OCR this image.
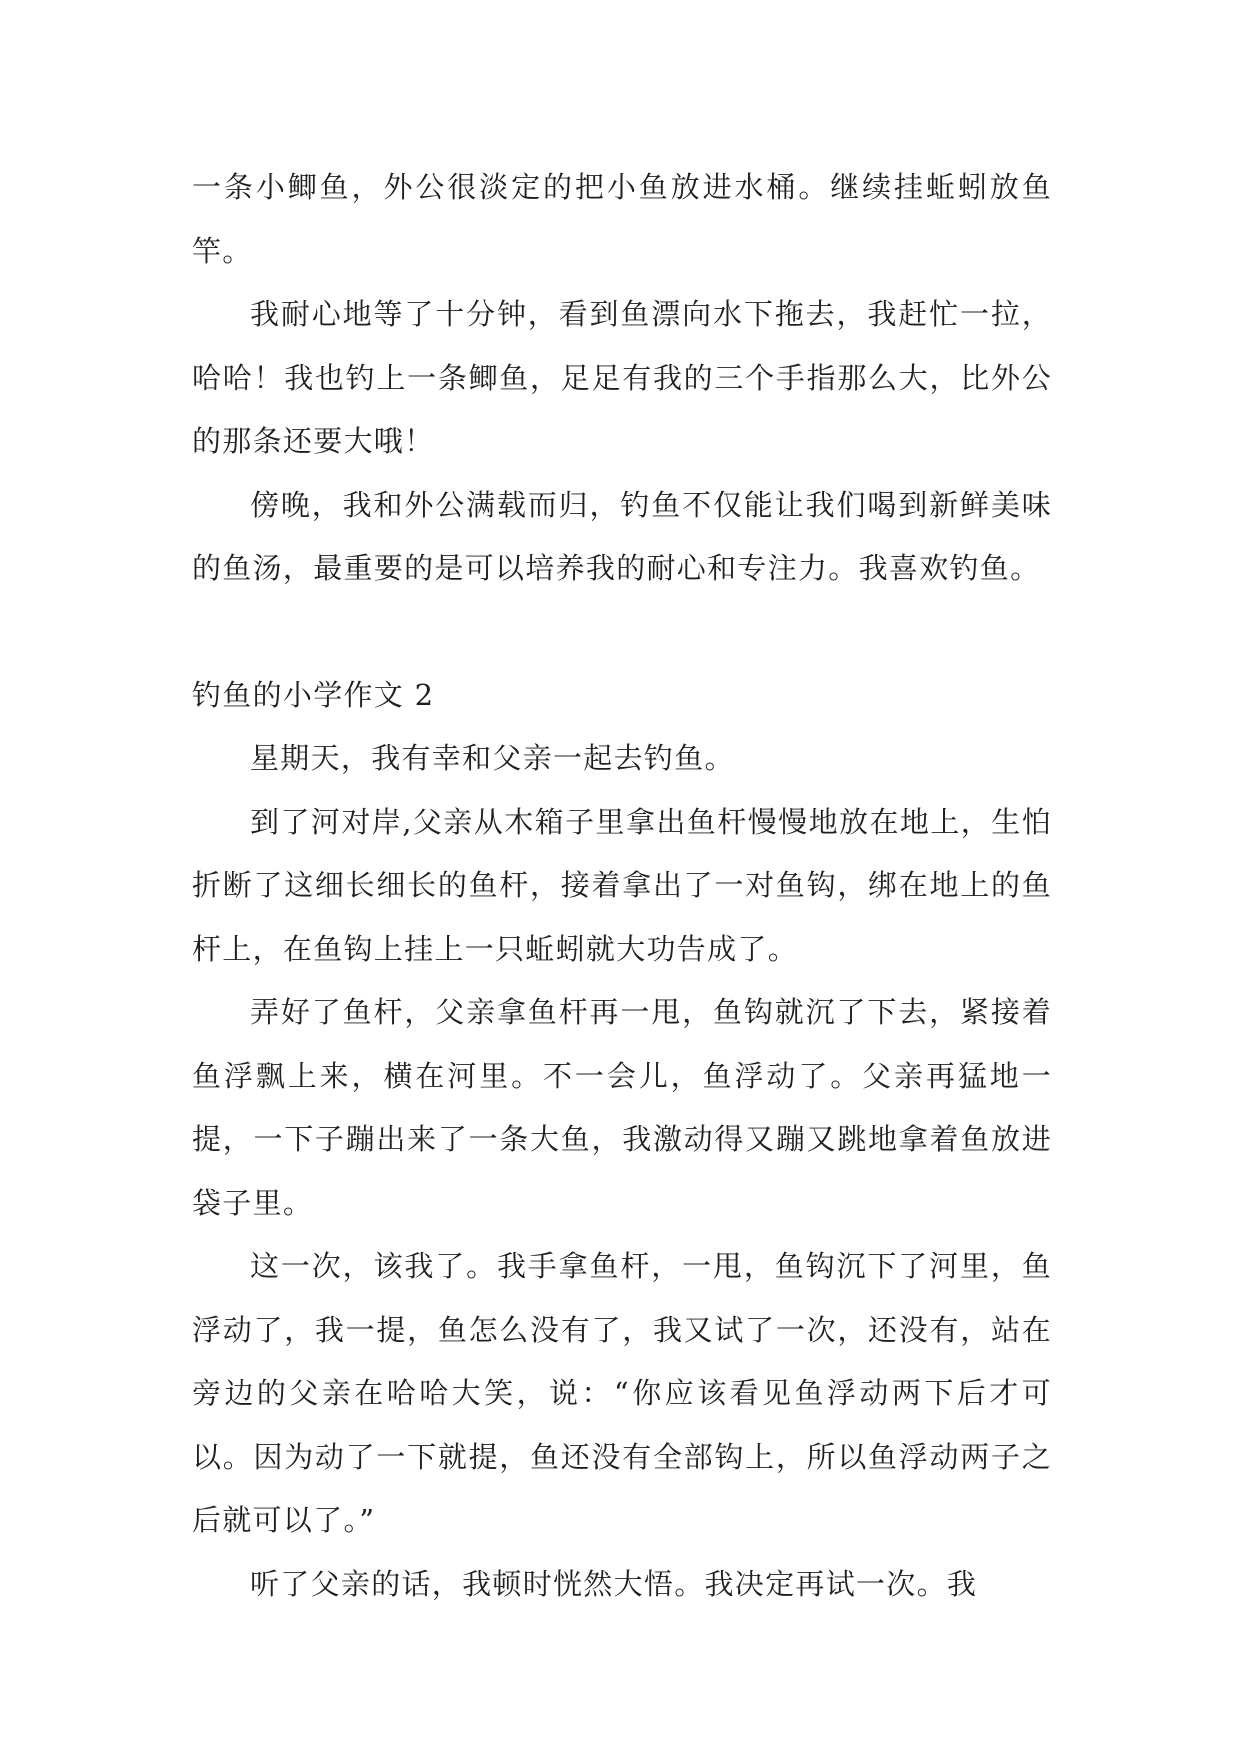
一条小鲫鱼，外公很淡定的把小鱼放进水桶。继续挂蚯蚓放鱼竿。

我耐心地等了十分钟，看到鱼漂向水下拖去，我赶忙一拉，哈哈！我也钓上一条鲫鱼，足足有我的三个手指那么大，比外公的那条还要大哦！

傍晚，我和外公满载而归，钓鱼不仅能让我们喝到新鲜美味的鱼汤，最重要的是可以培养我的耐心和专注力。我喜欢钓鱼。

钓鱼的小学作文 2

星期天，我有幸和父亲一起去钓鱼。

到了河对岸,父亲从木箱子里拿出鱼杆慢慢地放在地上，生怕折断了这细长细长的鱼杆，接着拿出了一对鱼钩，绑在地上的鱼杆上，在鱼钩上挂上一只蚯蚓就大功告成了。

弄好了鱼杆，父亲拿鱼杆再一甩，鱼钩就沉了下去，紧接着鱼浮飘上来，横在河里。不一会儿，鱼浮动了。父亲再猛地一提，一下子蹦出来了一条大鱼，我激动得又蹦又跳地拿着鱼放进袋子里。

这一次，该我了。我手拿鱼杆，一甩，鱼钩沉下了河里，鱼浮动了，我一提，鱼怎么没有了，我又试了一次，还没有，站在旁边的父亲在哈哈大笑，说：“你应该看见鱼浮动两下后才可以。因为动了一下就提，鱼还没有全部钩上，所以鱼浮动两子之后就可以了。”

听了父亲的话，我顿时恍然大悟。我决定再试一次。我
